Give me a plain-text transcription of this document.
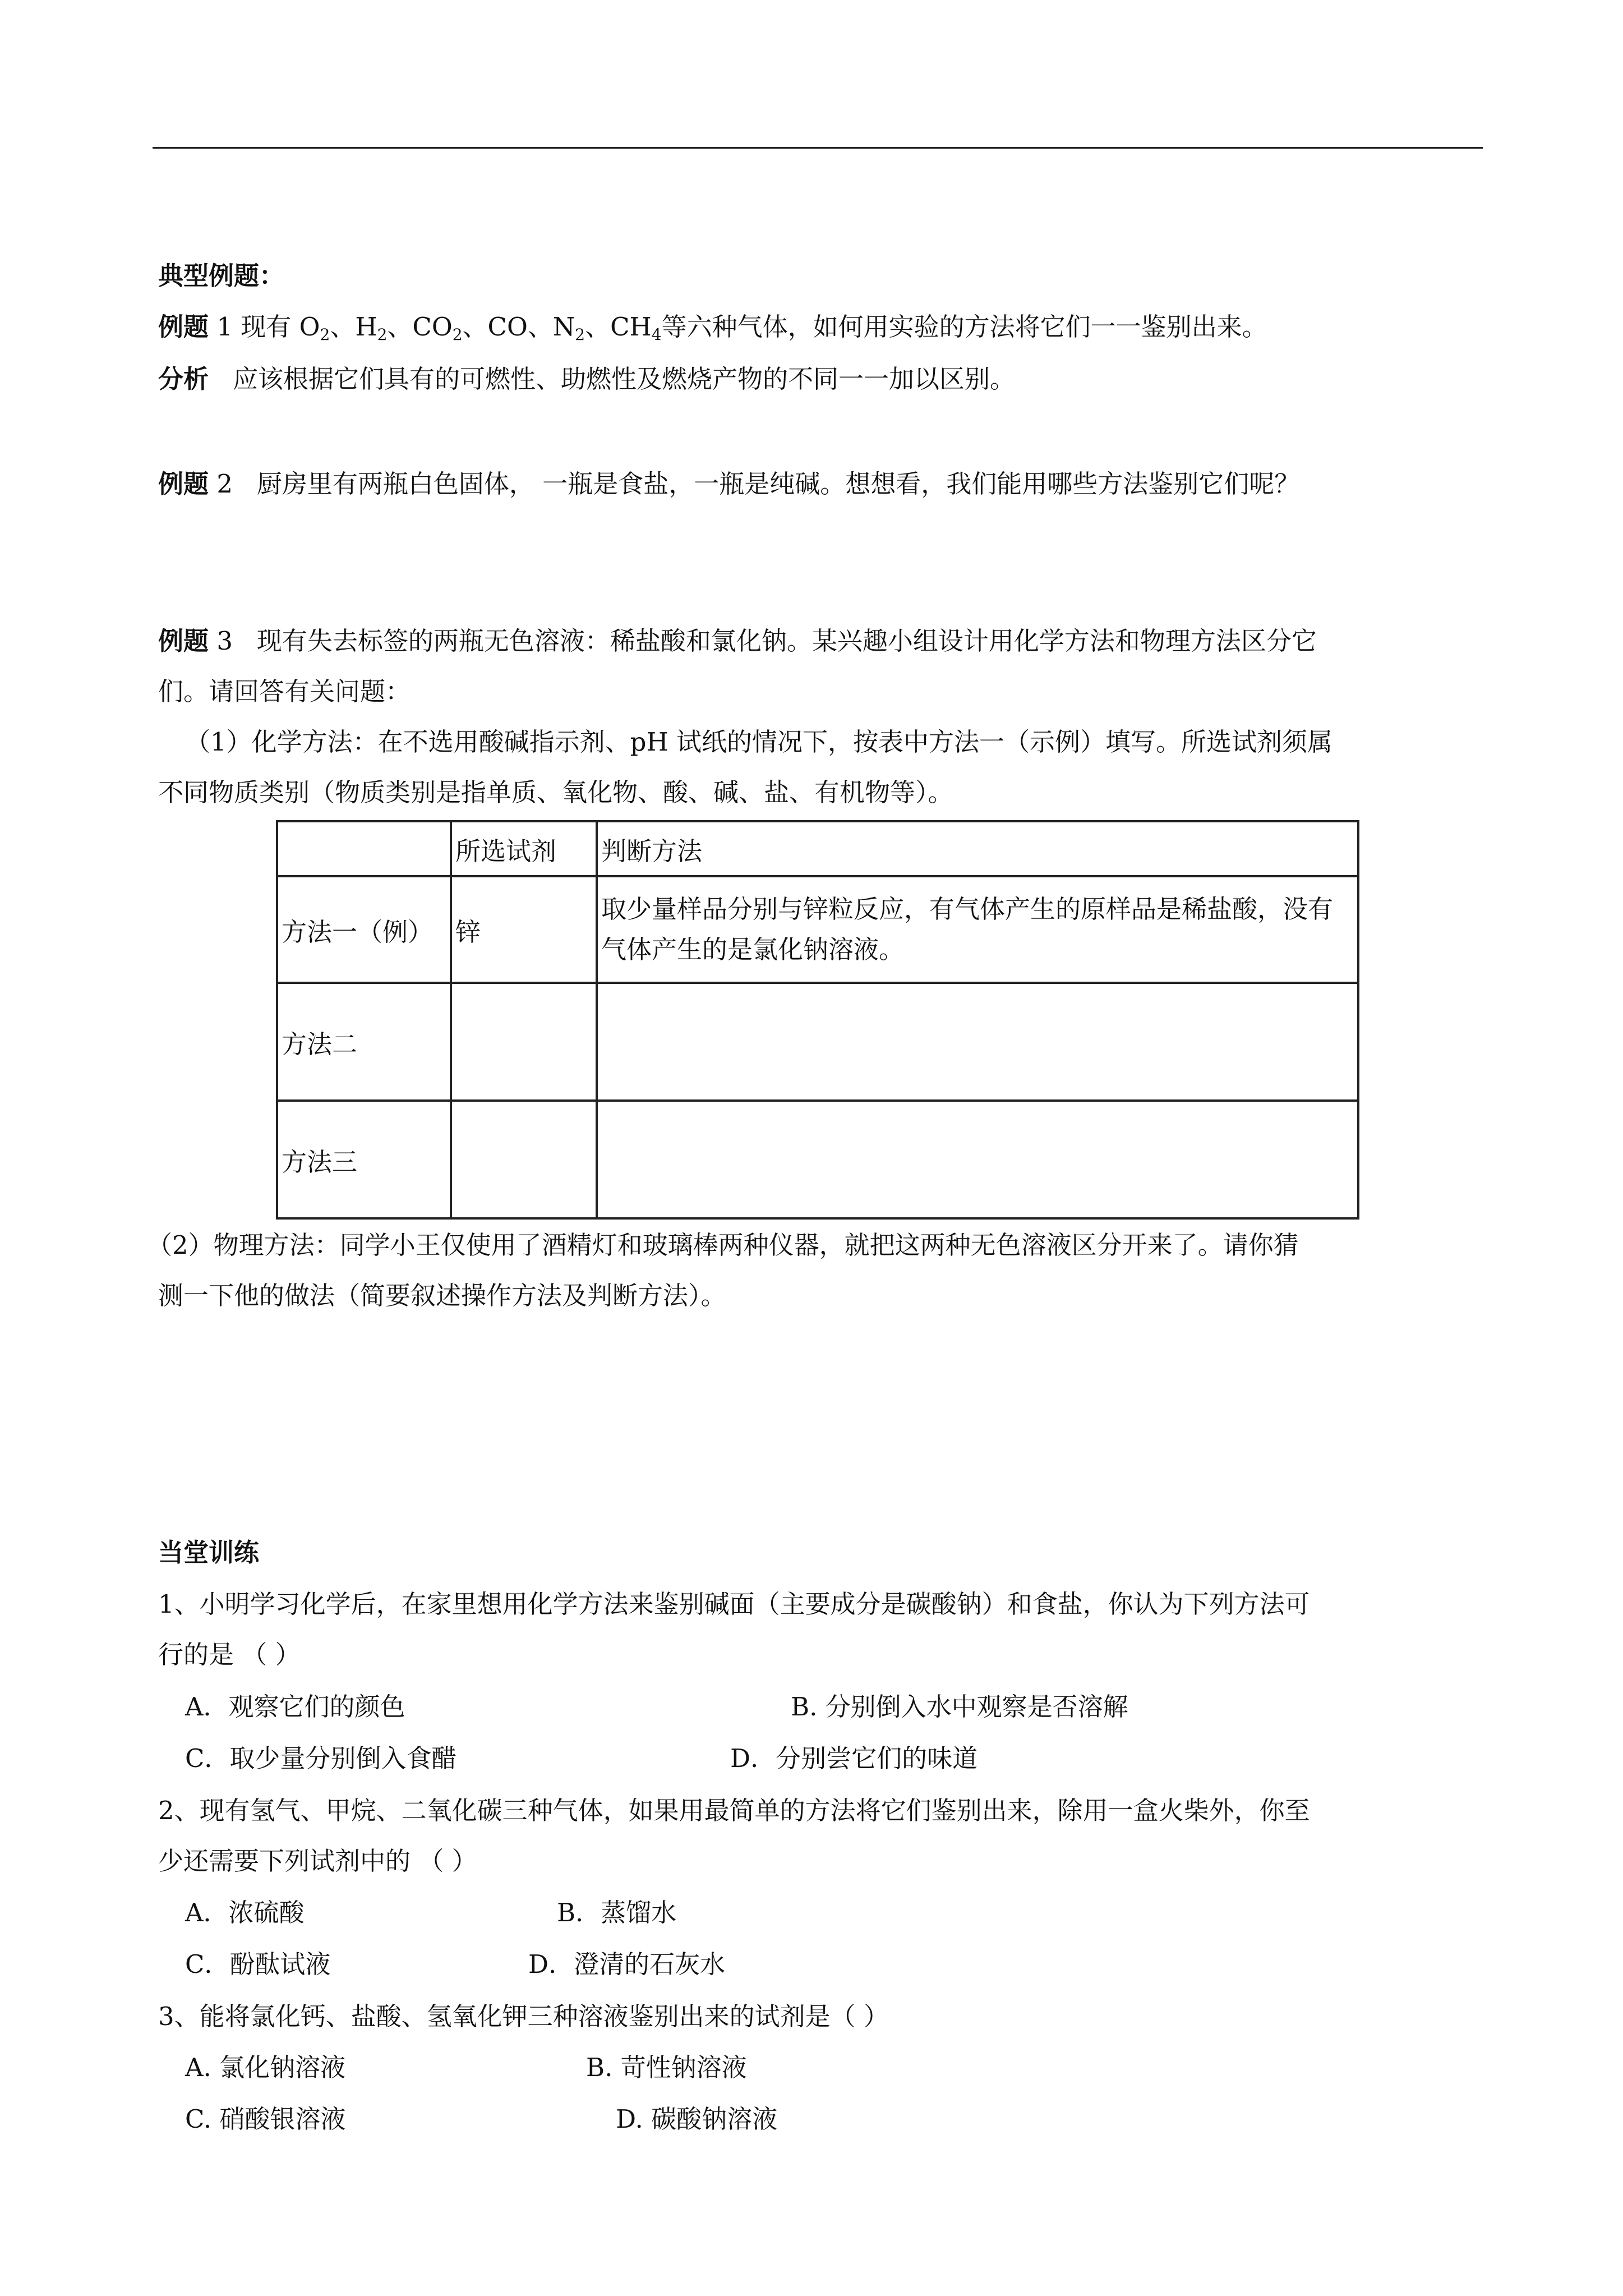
典型例题：
例题 1 现有 $O_2$、$H_2$、$CO_2$、CO、$N_2$、$CH_4$等六种气体，如何用实验的方法将它们一一鉴别出来。
分析 应该根据它们具有的可燃性、助燃性及燃烧产物的不同一一加以区别。
例题 2 厨房里有两瓶白色固体， 一瓶是食盐，一瓶是纯碱。想想看，我们能用哪些方法鉴别它们呢？
例题 3 现有失去标签的两瓶无色溶液：稀盐酸和氯化钠。某兴趣小组设计用化学方法和物理方法区分它
们。请回答有关问题：
（1）化学方法：在不选用酸碱指示剂、pH 试纸的情况下，按表中方法一（示例）填写。所选试剂须属
不同物质类别（物质类别是指单质、氧化物、酸、碱、盐、有机物等）。
	所选试剂	判断方法
方法一（例）	锌	取少量样品分别与锌粒反应，有气体产生的原样品是稀盐酸，没有气体产生的是氯化钠溶液。
方法二		
方法三		
（2）物理方法：同学小王仅使用了酒精灯和玻璃棒两种仪器，就把这两种无色溶液区分开来了。请你猜
测一下他的做法（简要叙述操作方法及判断方法）。
当堂训练
1、小明学习化学后，在家里想用化学方法来鉴别碱面（主要成分是碳酸钠）和食盐，你认为下列方法可
行的是 （ ）
A．观察它们的颜色	B. 分别倒入水中观察是否溶解
C．取少量分别倒入食醋	D．分别尝它们的味道
2、现有氢气、甲烷、二氧化碳三种气体，如果用最简单的方法将它们鉴别出来，除用一盒火柴外，你至
少还需要下列试剂中的 （ ）
A．浓硫酸	B．蒸馏水
C．酚酞试液	D．澄清的石灰水
3、能将氯化钙、盐酸、氢氧化钾三种溶液鉴别出来的试剂是（ ）
A. 氯化钠溶液	B. 苛性钠溶液
C. 硝酸银溶液	D. 碳酸钠溶液
